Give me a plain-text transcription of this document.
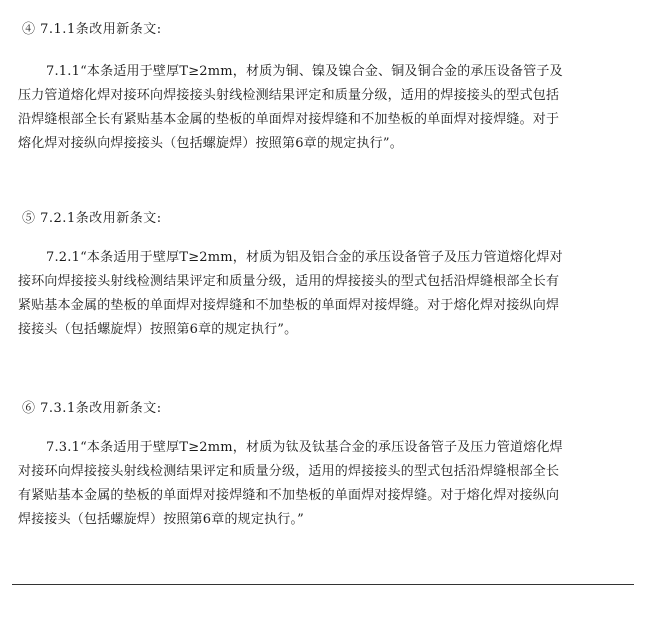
④ 7.1.1条改用新条文:
7.1.1“本条适用于壁厚T≥2mm，材质为铜、镍及镍合金、铜及铜合金的承压设备管子及
压力管道熔化焊对接环向焊接接头射线检测结果评定和质量分级，适用的焊接接头的型式包括
沿焊缝根部全长有紧贴基本金属的垫板的单面焊对接焊缝和不加垫板的单面焊对接焊缝。对于
熔化焊对接纵向焊接接头（包括螺旋焊）按照第6章的规定执行”。
⑤ 7.2.1条改用新条文:
7.2.1“本条适用于壁厚T≥2mm，材质为铝及铝合金的承压设备管子及压力管道熔化焊对
接环向焊接接头射线检测结果评定和质量分级，适用的焊接接头的型式包括沿焊缝根部全长有
紧贴基本金属的垫板的单面焊对接焊缝和不加垫板的单面焊对接焊缝。对于熔化焊对接纵向焊
接接头（包括螺旋焊）按照第6章的规定执行”。
⑥ 7.3.1条改用新条文:
7.3.1“本条适用于壁厚T≥2mm，材质为钛及钛基合金的承压设备管子及压力管道熔化焊
对接环向焊接接头射线检测结果评定和质量分级，适用的焊接接头的型式包括沿焊缝根部全长
有紧贴基本金属的垫板的单面焊对接焊缝和不加垫板的单面焊对接焊缝。对于熔化焊对接纵向
焊接接头（包括螺旋焊）按照第6章的规定执行。”
